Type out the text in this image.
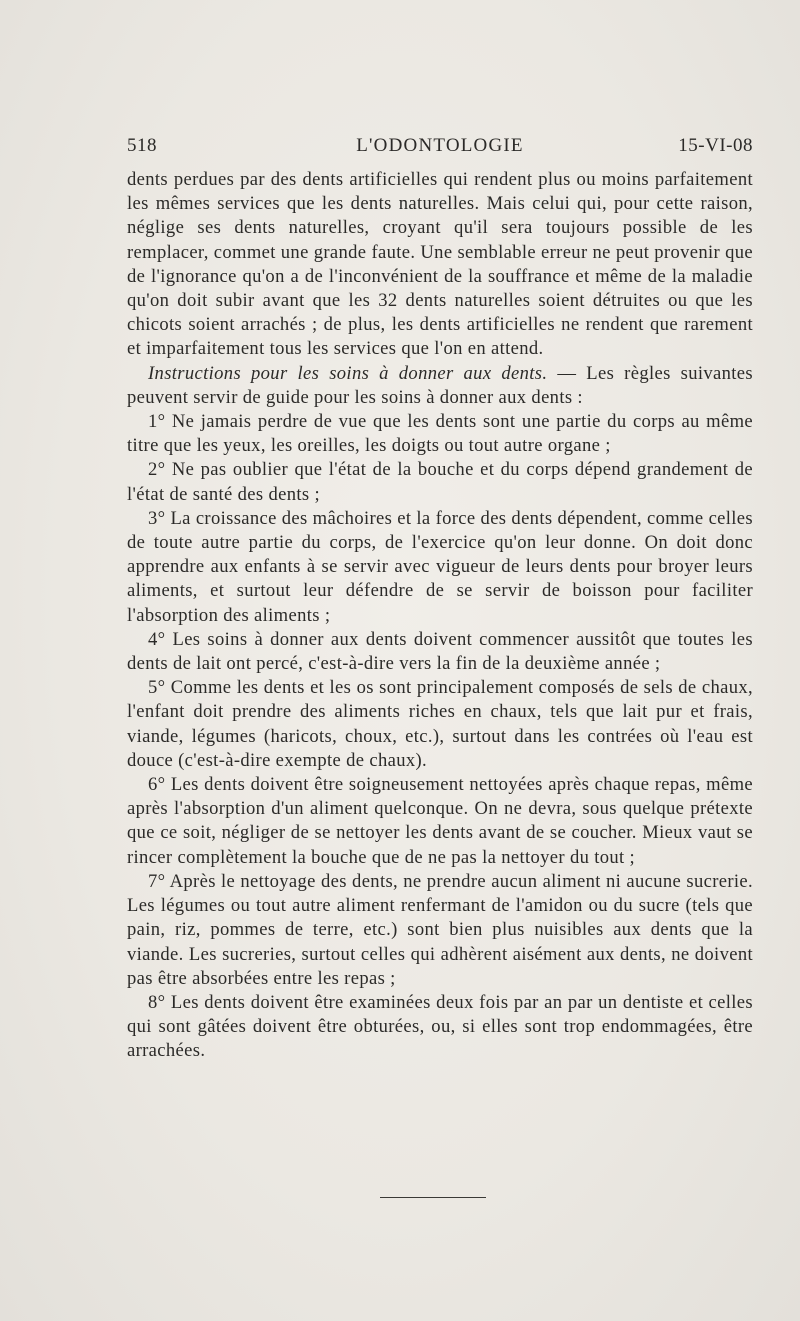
518	L'ODONTOLOGIE	15-VI-08

dents perdues par des dents artificielles qui rendent plus ou moins parfaitement les mêmes services que les dents naturelles. Mais celui qui, pour cette raison, néglige ses dents naturelles, croyant qu'il sera toujours possible de les remplacer, commet une grande faute. Une semblable erreur ne peut provenir que de l'ignorance qu'on a de l'inconvénient de la souffrance et même de la maladie qu'on doit subir avant que les 32 dents naturelles soient détruites ou que les chicots soient arrachés ; de plus, les dents artificielles ne rendent que rarement et imparfaitement tous les services que l'on en attend.

Instructions pour les soins à donner aux dents. — Les règles suivantes peuvent servir de guide pour les soins à donner aux dents :

1° Ne jamais perdre de vue que les dents sont une partie du corps au même titre que les yeux, les oreilles, les doigts ou tout autre organe ;

2° Ne pas oublier que l'état de la bouche et du corps dépend grandement de l'état de santé des dents ;

3° La croissance des mâchoires et la force des dents dépendent, comme celles de toute autre partie du corps, de l'exercice qu'on leur donne. On doit donc apprendre aux enfants à se servir avec vigueur de leurs dents pour broyer leurs aliments, et surtout leur défendre de se servir de boisson pour faciliter l'absorption des aliments ;

4° Les soins à donner aux dents doivent commencer aussitôt que toutes les dents de lait ont percé, c'est-à-dire vers la fin de la deuxième année ;

5° Comme les dents et les os sont principalement composés de sels de chaux, l'enfant doit prendre des aliments riches en chaux, tels que lait pur et frais, viande, légumes (haricots, choux, etc.), surtout dans les contrées où l'eau est douce (c'est-à-dire exempte de chaux).

6° Les dents doivent être soigneusement nettoyées après chaque repas, même après l'absorption d'un aliment quelconque. On ne devra, sous quelque prétexte que ce soit, négliger de se nettoyer les dents avant de se coucher. Mieux vaut se rincer complètement la bouche que de ne pas la nettoyer du tout ;

7° Après le nettoyage des dents, ne prendre aucun aliment ni aucune sucrerie. Les légumes ou tout autre aliment renfermant de l'amidon ou du sucre (tels que pain, riz, pommes de terre, etc.) sont bien plus nuisibles aux dents que la viande. Les sucreries, surtout celles qui adhèrent aisément aux dents, ne doivent pas être absorbées entre les repas ;

8° Les dents doivent être examinées deux fois par an par un dentiste et celles qui sont gâtées doivent être obturées, ou, si elles sont trop endommagées, être arrachées.
